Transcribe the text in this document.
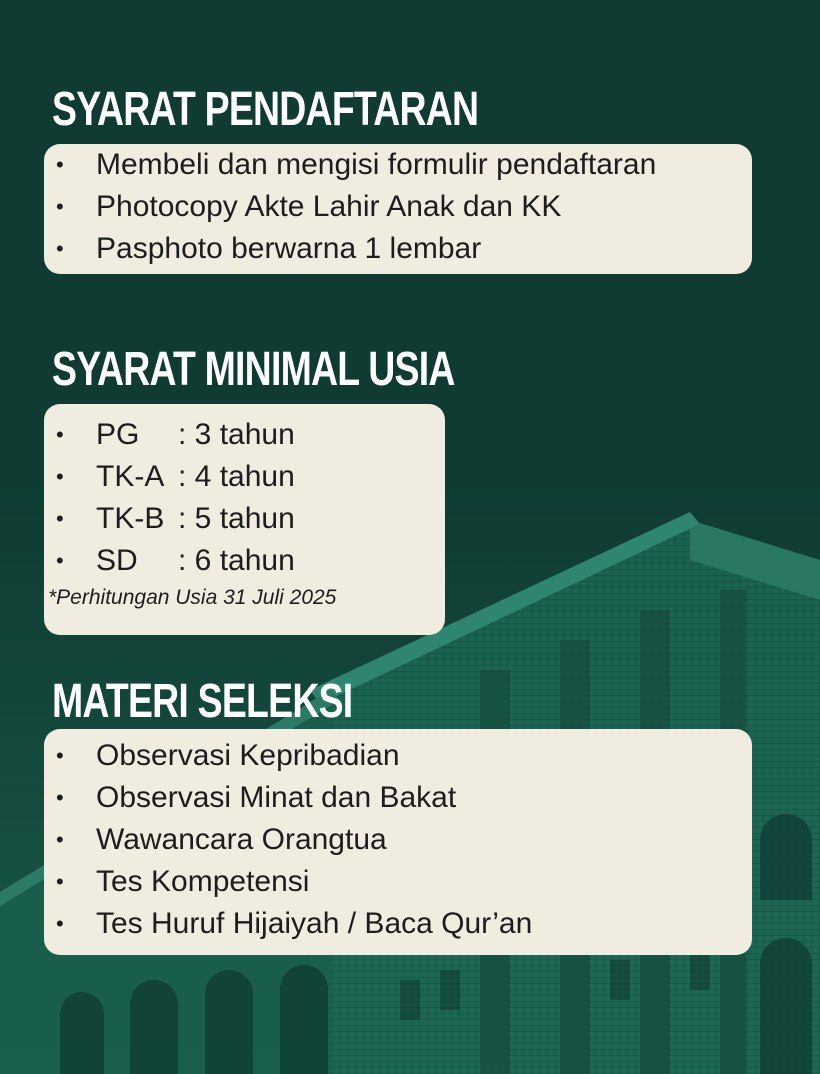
SYARAT PENDAFTARAN
• Membeli dan mengisi formulir pendaftaran
• Photocopy Akte Lahir Anak dan KK
• Pasphoto berwarna 1 lembar
SYARAT MINIMAL USIA
• PG	: 3 tahun
• TK-A : 4 tahun
• TK-B : 5 tahun
• SD	: 6 tahun
*Perhitungan Usia 31 Juli 2025
MATERI SELEKSI
• Observasi Kepribadian
• Observasi Minat dan Bakat
• Wawancara Orangtua
• Tes Kompetensi
• Tes Huruf Hijaiyah / Baca Qur’an
